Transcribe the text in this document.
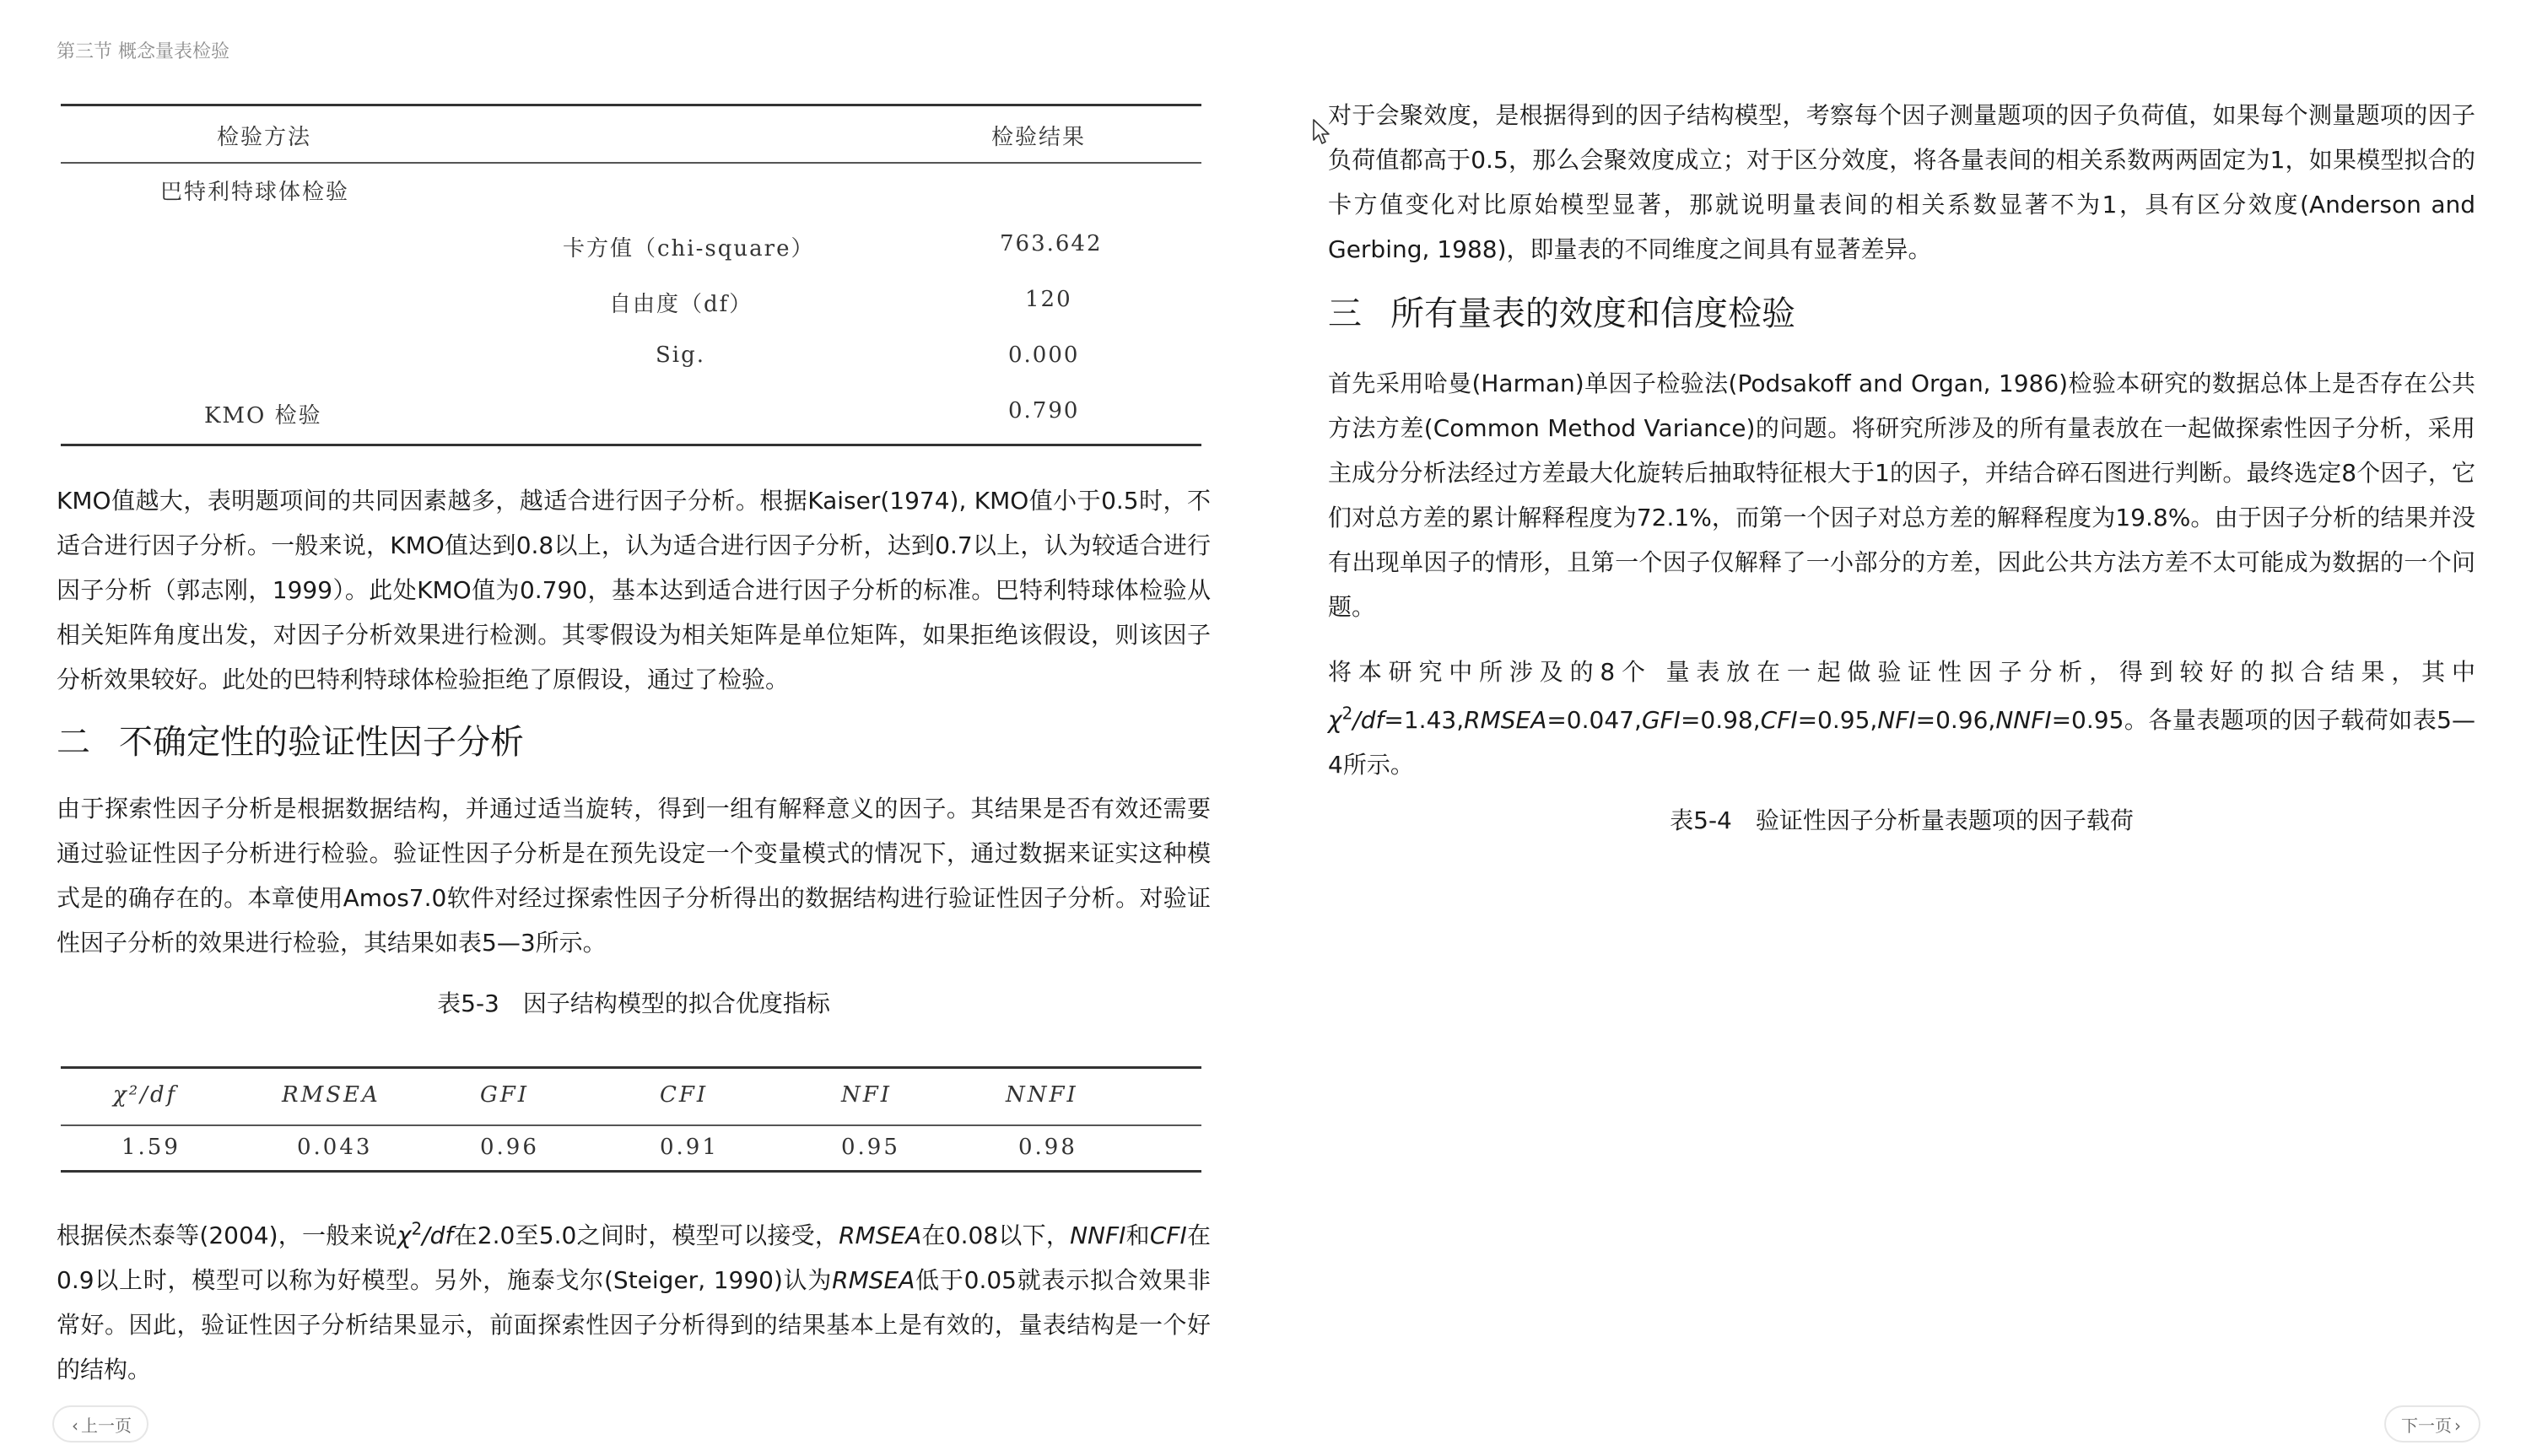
第三节 概念量表检验
检验方法	检验结果
巴特利特球体检验
卡方值（chi-square）	763.642
自由度（df）	120
Sig.	0.000
KMO 检验	0.790

KMO值越大，表明题项间的共同因素越多，越适合进行因子分析。根据Kaiser(1974), KMO值小于0.5时，不适合进行因子分析。一般来说，KMO值达到0.8以上，认为适合进行因子分析，达到0.7以上，认为较适合进行因子分析（郭志刚，1999）。此处KMO值为0.790，基本达到适合进行因子分析的标准。巴特利特球体检验从相关矩阵角度出发，对因子分析效果进行检测。其零假设为相关矩阵是单位矩阵，如果拒绝该假设，则该因子分析效果较好。此处的巴特利特球体检验拒绝了原假设，通过了检验。

二 不确定性的验证性因子分析

由于探索性因子分析是根据数据结构，并通过适当旋转，得到一组有解释意义的因子。其结果是否有效还需要通过验证性因子分析进行检验。验证性因子分析是在预先设定一个变量模式的情况下，通过数据来证实这种模式是的确存在的。本章使用Amos7.0软件对经过探索性因子分析得出的数据结构进行验证性因子分析。对验证性因子分析的效果进行检验，其结果如表5—3所示。

表5-3　因子结构模型的拟合优度指标
χ²/df	RMSEA	GFI	CFI	NFI	NNFI
1.59	0.043	0.96	0.91	0.95	0.98

根据侯杰泰等(2004)，一般来说$\chi^2/df$在2.0至5.0之间时，模型可以接受，RMSEA在0.08以下，NNFI和CFI在0.9以上时，模型可以称为好模型。另外，施泰戈尔(Steiger, 1990)认为RMSEA低于0.05就表示拟合效果非常好。因此，验证性因子分析结果显示，前面探索性因子分析得到的结果基本上是有效的，量表结构是一个好的结构。

对于会聚效度，是根据得到的因子结构模型，考察每个因子测量题项的因子负荷值，如果每个测量题项的因子负荷值都高于0.5，那么会聚效度成立；对于区分效度，将各量表间的相关系数两两固定为1，如果模型拟合的卡方值变化对比原始模型显著，那就说明量表间的相关系数显著不为1，具有区分效度(Anderson and Gerbing, 1988)，即量表的不同维度之间具有显著差异。

三 所有量表的效度和信度检验

首先采用哈曼(Harman)单因子检验法(Podsakoff and Organ, 1986)检验本研究的数据总体上是否存在公共方法方差(Common Method Variance)的问题。将研究所涉及的所有量表放在一起做探索性因子分析，采用主成分分析法经过方差最大化旋转后抽取特征根大于1的因子，并结合碎石图进行判断。最终选定8个因子，它们对总方差的累计解释程度为72.1%，而第一个因子对总方差的解释程度为19.8%。由于因子分析的结果并没有出现单因子的情形，且第一个因子仅解释了一小部分的方差，因此公共方法方差不太可能成为数据的一个问题。

将本研究中所涉及的8个 量表放在一起做验证性因子分析，得到较好的拟合结果，其中

$\chi^2/df=1.43,RMSEA=0.047,GFI=0.98,CFI=0.95,NFI=0.96,NNFI=0.95$。各量表题项的因子载荷如表5—4所示。

表5-4　验证性因子分析量表题项的因子载荷
‹ 上一页	下一页 ›
